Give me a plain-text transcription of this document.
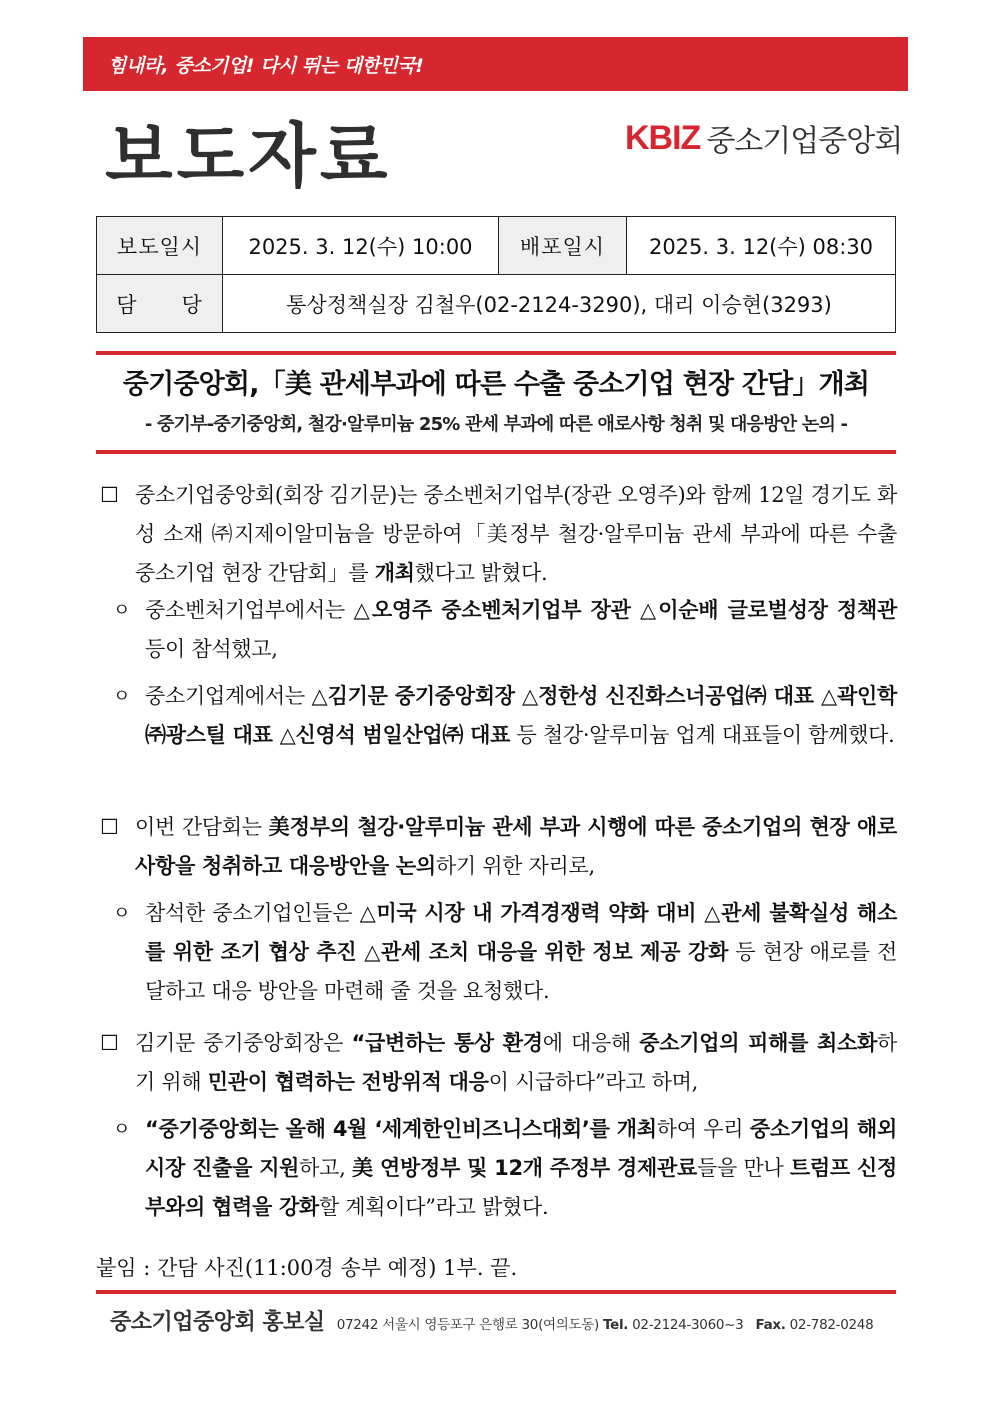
힘내라, 중소기업! 다시 뛰는 대한민국!
보도자료	KBIZ 중소기업중앙회
보도일시	2025. 3. 12(수) 10:00	배포일시	2025. 3. 12(수) 08:30
담　　당	통상정책실장 김철우(02-2124-3290), 대리 이승현(3293)		
중기중앙회,「美 관세부과에 따른 수출 중소기업 현장 간담」개최
- 중기부-중기중앙회, 철강·알루미늄 25% 관세 부과에 따른 애로사항 청취 및 대응방안 논의 -
☐ 중소기업중앙회(회장 김기문)는 중소벤처기업부(장관 오영주)와 함께 12일 경기도 화성 소재 ㈜지제이알미늄을 방문하여「美정부 철강·알루미늄 관세 부과에 따른 수출 중소기업 현장 간담회」를 개최했다고 밝혔다.
ㅇ 중소벤처기업부에서는 △오영주 중소벤처기업부 장관 △이순배 글로벌성장 정책관 등이 참석했고,
ㅇ 중소기업계에서는 △김기문 중기중앙회장 △정한성 신진화스너공업㈜ 대표 △곽인학 ㈜광스틸 대표 △신영석 범일산업㈜ 대표 등 철강·알루미늄 업계 대표들이 함께했다.
☐ 이번 간담회는 美정부의 철강·알루미늄 관세 부과 시행에 따른 중소기업의 현장 애로사항을 청취하고 대응방안을 논의하기 위한 자리로,
ㅇ 참석한 중소기업인들은 △미국 시장 내 가격경쟁력 약화 대비 △관세 불확실성 해소를 위한 조기 협상 추진 △관세 조치 대응을 위한 정보 제공 강화 등 현장 애로를 전달하고 대응 방안을 마련해 줄 것을 요청했다.
☐ 김기문 중기중앙회장은 “급변하는 통상 환경에 대응해 중소기업의 피해를 최소화하기 위해 민관이 협력하는 전방위적 대응이 시급하다”라고 하며,
ㅇ “중기중앙회는 올해 4월 ‘세계한인비즈니스대회’를 개최하여 우리 중소기업의 해외시장 진출을 지원하고, 美 연방정부 및 12개 주정부 경제관료들을 만나 트럼프 신정부와의 협력을 강화할 계획이다”라고 밝혔다.
붙임 : 간담 사진(11:00경 송부 예정) 1부. 끝.
중소기업중앙회 홍보실 07242 서울시 영등포구 은행로 30(여의도동) Tel. 02-2124-3060~3 Fax. 02-782-0248
